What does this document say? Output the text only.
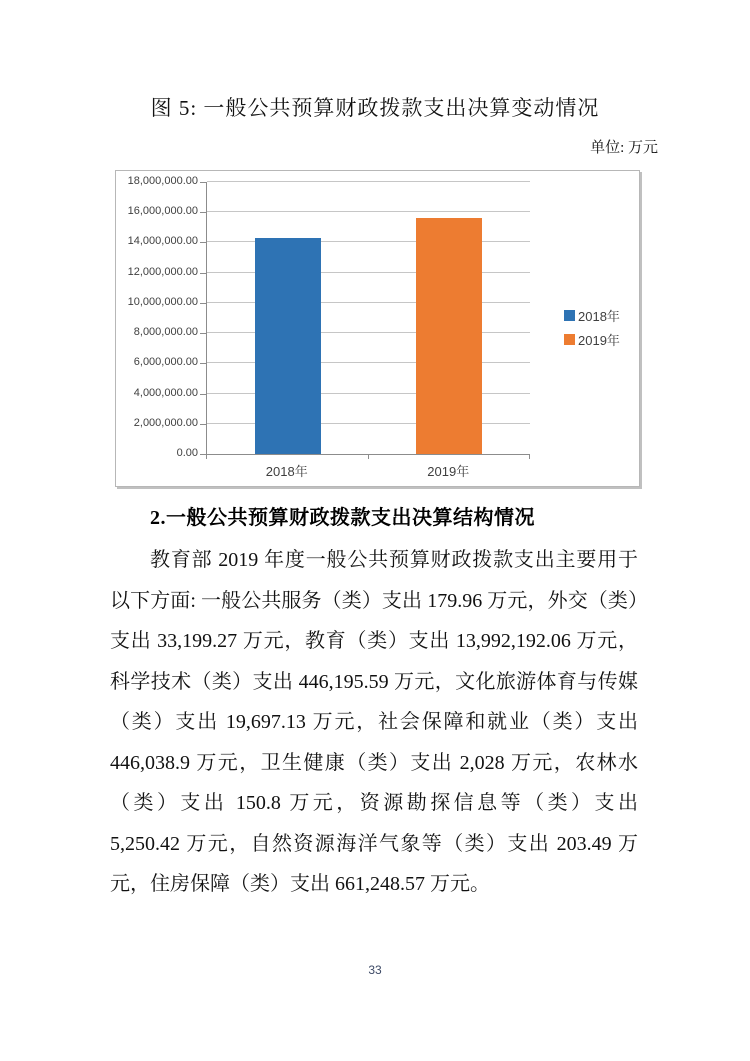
图 5: 一般公共预算财政拨款支出决算变动情况
单位: 万元
2018年
2019年
0.00
2,000,000.00
4,000,000.00
6,000,000.00
8,000,000.00
10,000,000.00
12,000,000.00
14,000,000.00
16,000,000.00
18,000,000.00
2018年	2019年
2.一般公共预算财政拨款支出决算结构情况
教育部 2019 年度一般公共预算财政拨款支出主要用于以下方面: 一般公共服务（类）支出 179.96 万元，外交（类）支出 33,199.27 万元，教育（类）支出 13,992,192.06 万元，科学技术（类）支出 446,195.59 万元，文化旅游体育与传媒（类）支出 19,697.13 万元，社会保障和就业（类）支出 446,038.9 万元，卫生健康（类）支出 2,028 万元，农林水（类）支出 150.8 万元，资源勘探信息等（类）支出 5,250.42 万元，自然资源海洋气象等（类）支出 203.49 万元，住房保障（类）支出 661,248.57 万元。
33
